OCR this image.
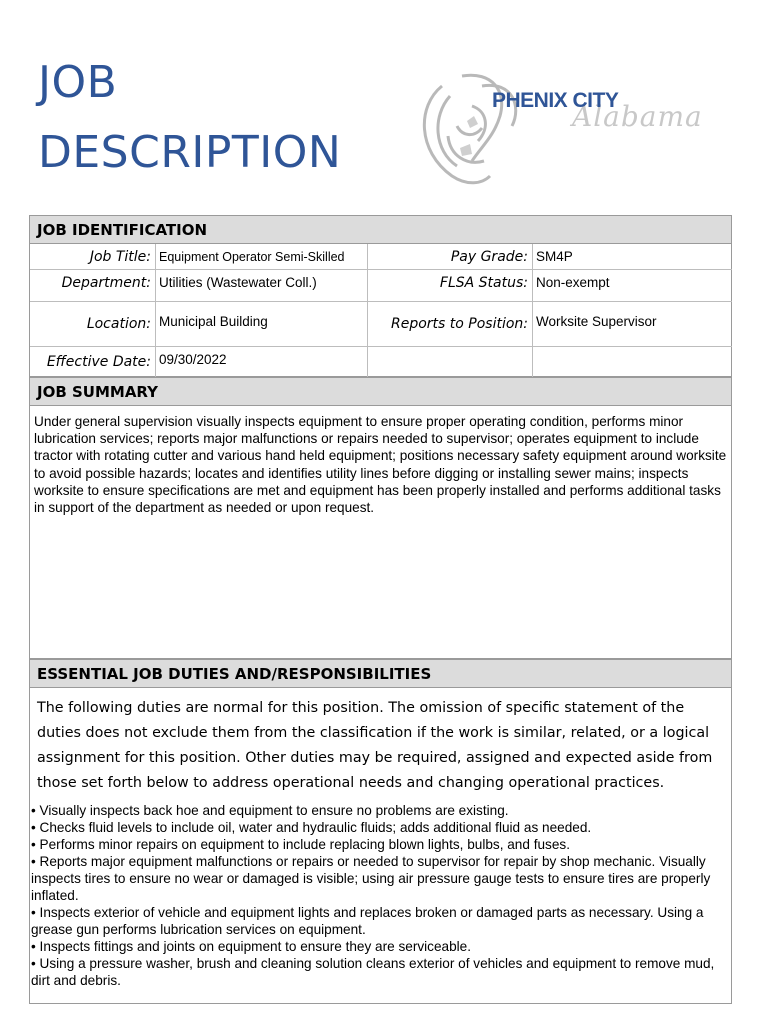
JOB
DESCRIPTION
Alabama
PHENIX CITY
JOB IDENTIFICATION
Job Title: Equipment Operator Semi-Skilled	Pay Grade: SM4P
Department: Utilities (Wastewater Coll.)	FLSA Status: Non-exempt
Location: Municipal Building	Reports to Position: Worksite Supervisor
Effective Date: 09/30/2022
JOB SUMMARY
Under general supervision visually inspects equipment to ensure proper operating condition, performs minor lubrication services; reports major malfunctions or repairs needed to supervisor; operates equipment to include tractor with rotating cutter and various hand held equipment; positions necessary safety equipment around worksite to avoid possible hazards; locates and identifies utility lines before digging or installing sewer mains; inspects worksite to ensure specifications are met and equipment has been properly installed and performs additional tasks in support of the department as needed or upon request.
ESSENTIAL JOB DUTIES AND/RESPONSIBILITIES
The following duties are normal for this position. The omission of specific statement of the duties does not exclude them from the classification if the work is similar, related, or a logical assignment for this position. Other duties may be required, assigned and expected aside from those set forth below to address operational needs and changing operational practices.
• Visually inspects back hoe and equipment to ensure no problems are existing.
• Checks fluid levels to include oil, water and hydraulic fluids; adds additional fluid as needed.
• Performs minor repairs on equipment to include replacing blown lights, bulbs, and fuses.
• Reports major equipment malfunctions or repairs or needed to supervisor for repair by shop mechanic. Visually inspects tires to ensure no wear or damaged is visible; using air pressure gauge tests to ensure tires are properly inflated.
• Inspects exterior of vehicle and equipment lights and replaces broken or damaged parts as necessary. Using a grease gun performs lubrication services on equipment.
• Inspects fittings and joints on equipment to ensure they are serviceable.
• Using a pressure washer, brush and cleaning solution cleans exterior of vehicles and equipment to remove mud, dirt and debris.
